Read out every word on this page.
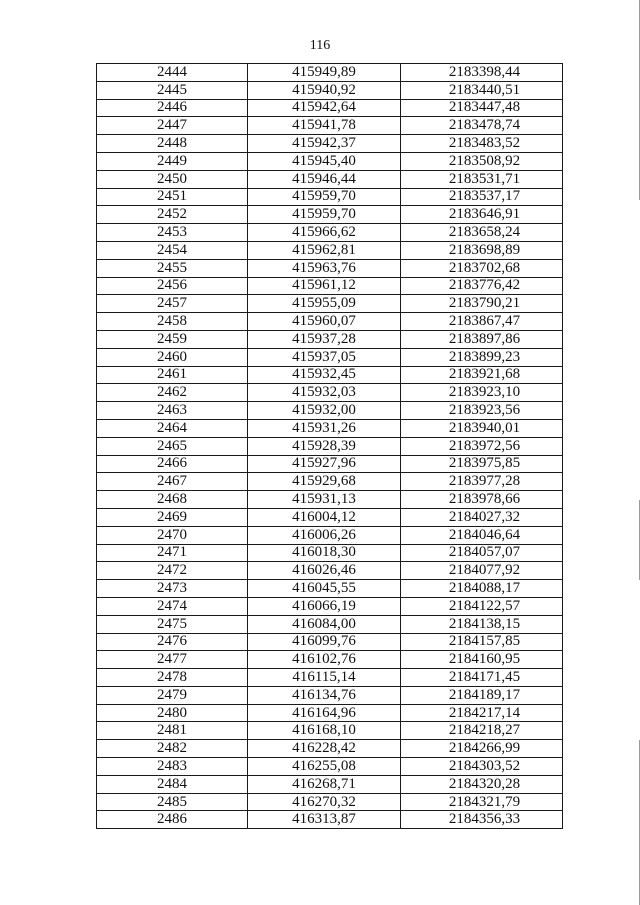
116
2444	415949,89	2183398,44
2445	415940,92	2183440,51
2446	415942,64	2183447,48
2447	415941,78	2183478,74
2448	415942,37	2183483,52
2449	415945,40	2183508,92
2450	415946,44	2183531,71
2451	415959,70	2183537,17
2452	415959,70	2183646,91
2453	415966,62	2183658,24
2454	415962,81	2183698,89
2455	415963,76	2183702,68
2456	415961,12	2183776,42
2457	415955,09	2183790,21
2458	415960,07	2183867,47
2459	415937,28	2183897,86
2460	415937,05	2183899,23
2461	415932,45	2183921,68
2462	415932,03	2183923,10
2463	415932,00	2183923,56
2464	415931,26	2183940,01
2465	415928,39	2183972,56
2466	415927,96	2183975,85
2467	415929,68	2183977,28
2468	415931,13	2183978,66
2469	416004,12	2184027,32
2470	416006,26	2184046,64
2471	416018,30	2184057,07
2472	416026,46	2184077,92
2473	416045,55	2184088,17
2474	416066,19	2184122,57
2475	416084,00	2184138,15
2476	416099,76	2184157,85
2477	416102,76	2184160,95
2478	416115,14	2184171,45
2479	416134,76	2184189,17
2480	416164,96	2184217,14
2481	416168,10	2184218,27
2482	416228,42	2184266,99
2483	416255,08	2184303,52
2484	416268,71	2184320,28
2485	416270,32	2184321,79
2486	416313,87	2184356,33
